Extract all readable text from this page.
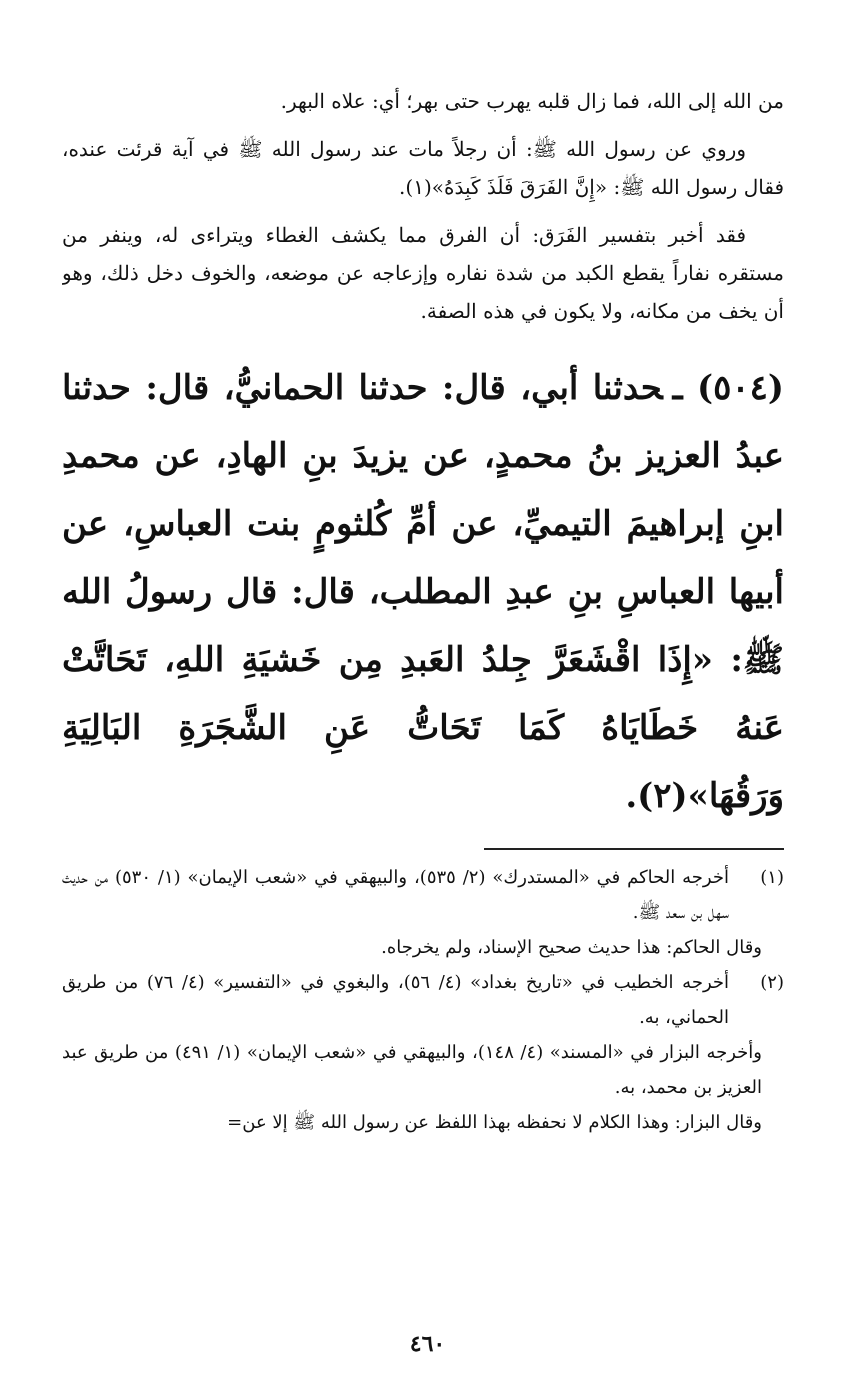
من الله إلى الله، فما زال قلبه يهرب حتى بهر؛ أي: علاه البهر.

وروي عن رسول الله ﷺ: أن رجلاً مات عند رسول الله ﷺ في آية قرئت عنده، فقال رسول الله ﷺ: «إِنَّ الفَرَقَ فَلَذَ كَبِدَهُ»(١).

فقد أخبر بتفسير الفَرَق: أن الفرق مما يكشف الغطاء ويتراءى له، وينفر من مستقره نفاراً يقطع الكبد من شدة نفاره وإزعاجه عن موضعه، والخوف دخل ذلك، وهو أن يخف من مكانه، ولا يكون في هذه الصفة.

(٥٠٤) ـحدثنا أبي، قال: حدثنا الحمانيُّ، قال: حدثنا عبدُ العزيز بنُ محمدٍ، عن يزيدَ بنِ الهادِ، عن محمدِ ابنِ إبراهيمَ التيميِّ، عن أمِّ كُلثومٍ بنت العباسِ، عن أبيها العباسِ بنِ عبدِ المطلب، قال: قال رسولُ الله ﷺ: «إِذَا اقْشَعَرَّ جِلدُ العَبدِ مِن خَشيَةِ اللهِ، تَحَاتَّتْ عَنهُ خَطَايَاهُ كَمَا تَحَاتُّ عَنِ الشَّجَرَةِ البَالِيَةِ وَرَقُهَا»(٢).

(١)
أخرجه الحاكم في «المستدرك» (٢/ ٥٣٥)، والبيهقي في «شعب الإيمان» (١/ ٥٣٠) من حديث سهل بن سعد ﷺ.
وقال الحاكم: هذا حديث صحيح الإسناد، ولم يخرجاه.
(٢)
أخرجه الخطيب في «تاريخ بغداد» (٤/ ٥٦)، والبغوي في «التفسير» (٤/ ٧٦) من طريق الحماني، به.
وأخرجه البزار في «المسند» (٤/ ١٤٨)، والبيهقي في «شعب الإيمان» (١/ ٤٩١) من طريق عبد العزيز بن محمد، به.
وقال البزار: وهذا الكلام لا نحفظه بهذا اللفظ عن رسول الله ﷺ إلا عن=
٤٦٠
